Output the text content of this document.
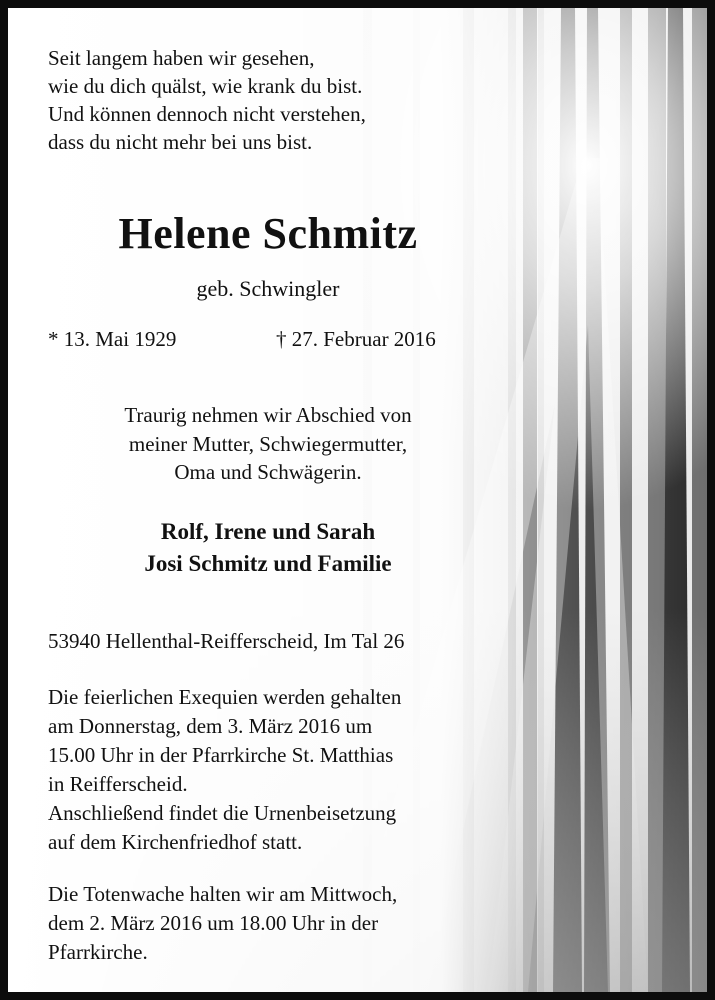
Seit langem haben wir gesehen,
wie du dich quälst, wie krank du bist.
Und können dennoch nicht verstehen,
dass du nicht mehr bei uns bist.

Helene Schmitz

geb. Schwingler

* 13. Mai 1929	† 27. Februar 2016

Traurig nehmen wir Abschied von
meiner Mutter, Schwiegermutter,
Oma und Schwägerin.

Rolf, Irene und Sarah
Josi Schmitz und Familie

53940 Hellenthal-Reifferscheid, Im Tal 26

Die feierlichen Exequien werden gehalten
am Donnerstag, dem 3. März 2016 um
15.00 Uhr in der Pfarrkirche St. Matthias
in Reifferscheid.
Anschließend findet die Urnenbeisetzung
auf dem Kirchenfriedhof statt.
Die Totenwache halten wir am Mittwoch,
dem 2. März 2016 um 18.00 Uhr in der
Pfarrkirche.
